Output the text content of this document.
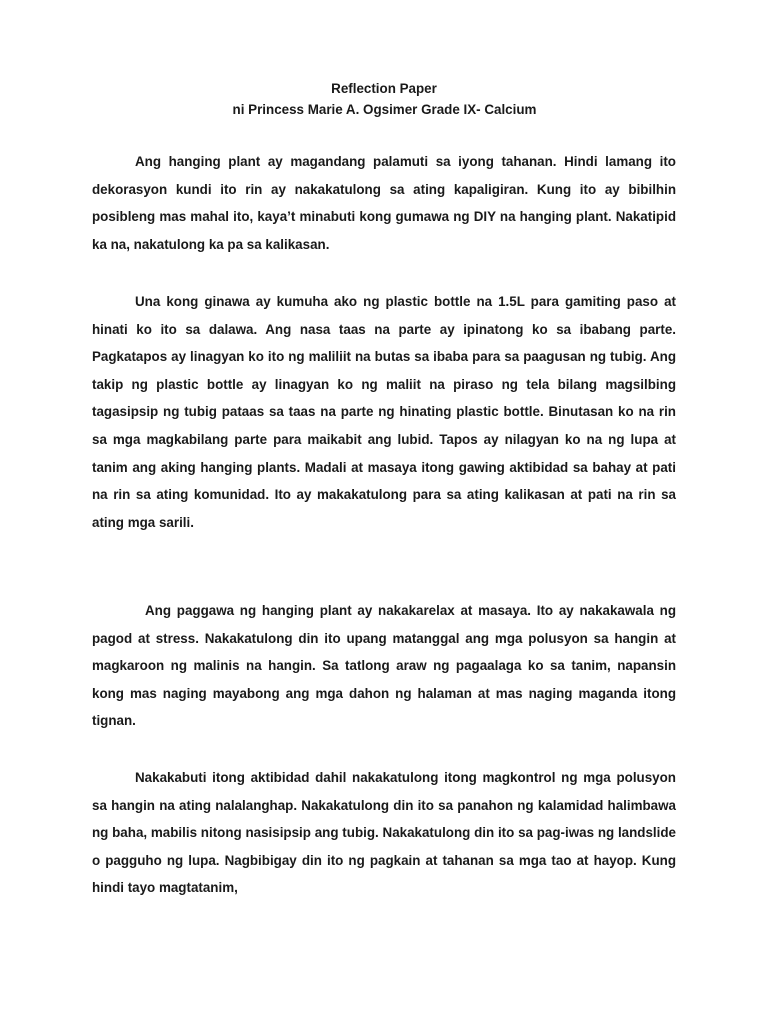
Reflection Paper
ni Princess Marie A. Ogsimer Grade IX- Calcium

Ang hanging plant ay magandang palamuti sa iyong tahanan. Hindi lamang ito dekorasyon kundi ito rin ay nakakatulong sa ating kapaligiran. Kung ito ay bibilhin posibleng mas mahal ito, kaya’t minabuti kong gumawa ng DIY na hanging plant. Nakatipid ka na, nakatulong ka pa sa kalikasan.

Una kong ginawa ay kumuha ako ng plastic bottle na 1.5L para gamiting paso at hinati ko ito sa dalawa. Ang nasa taas na parte ay ipinatong ko sa ibabang parte. Pagkatapos ay linagyan ko ito ng maliliit na butas sa ibaba para sa paagusan ng tubig. Ang takip ng plastic bottle ay linagyan ko ng maliit na piraso ng tela bilang magsilbing tagasipsip ng tubig pataas sa taas na parte ng hinating plastic bottle. Binutasan ko na rin sa mga magkabilang parte para maikabit ang lubid. Tapos ay nilagyan ko na ng lupa at tanim ang aking hanging plants. Madali at masaya itong gawing aktibidad sa bahay at pati na rin sa ating komunidad. Ito ay makakatulong para sa ating kalikasan at pati na rin sa ating mga sarili.

Ang paggawa ng hanging plant ay nakakarelax at masaya. Ito ay nakakawala ng pagod at stress. Nakakatulong din ito upang matanggal ang mga polusyon sa hangin at magkaroon ng malinis na hangin. Sa tatlong araw ng pagaalaga ko sa tanim, napansin kong mas naging mayabong ang mga dahon ng halaman at mas naging maganda itong tignan.

Nakakabuti itong aktibidad dahil nakakatulong itong magkontrol ng mga polusyon sa hangin na ating nalalanghap. Nakakatulong din ito sa panahon ng kalamidad halimbawa ng baha, mabilis nitong nasisipsip ang tubig. Nakakatulong din ito sa pag-iwas ng landslide o pagguho ng lupa. Nagbibigay din ito ng pagkain at tahanan sa mga tao at hayop. Kung hindi tayo magtatanim,
